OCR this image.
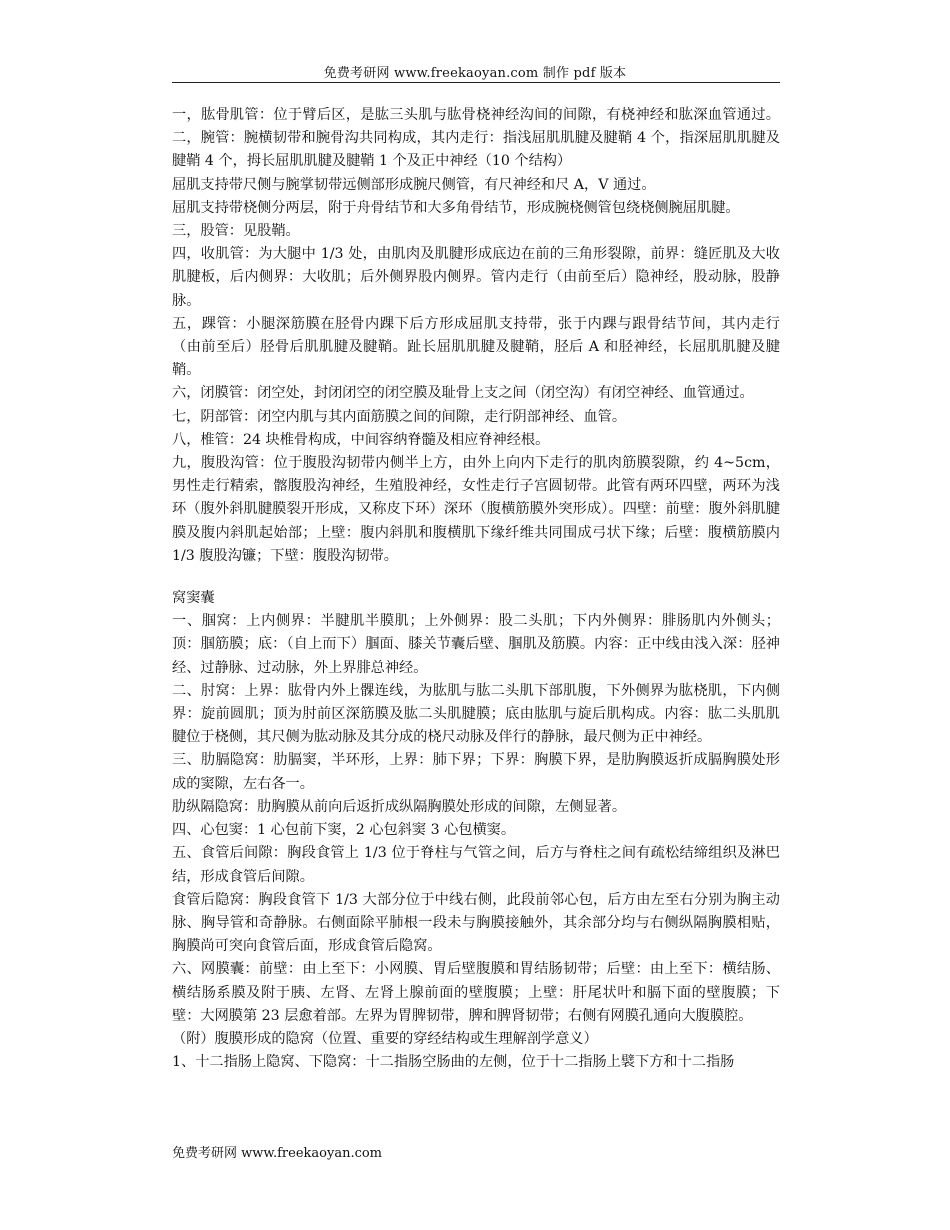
免费考研网 www.freekaoyan.com 制作 pdf 版本

一，肱骨肌管：位于臂后区，是肱三头肌与肱骨桡神经沟间的间隙，有桡神经和肱深血管通过。二，腕管：腕横韧带和腕骨沟共同构成，其内走行：指浅屈肌肌腱及腱鞘 4 个，指深屈肌肌腱及腱鞘 4 个，拇长屈肌肌腱及腱鞘 1 个及正中神经（10 个结构）

屈肌支持带尺侧与腕掌韧带远侧部形成腕尺侧管，有尺神经和尺 A，V 通过。

屈肌支持带桡侧分两层，附于舟骨结节和大多角骨结节，形成腕桡侧管包绕桡侧腕屈肌腱。

三，股管：见股鞘。

四，收肌管：为大腿中 1/3 处，由肌肉及肌腱形成底边在前的三角形裂隙，前界：缝匠肌及大收肌腱板，后内侧界：大收肌；后外侧界股内侧界。管内走行（由前至后）隐神经，股动脉，股静脉。

五，踝管：小腿深筋膜在胫骨内踝下后方形成屈肌支持带，张于内踝与跟骨结节间，其内走行（由前至后）胫骨后肌肌腱及腱鞘。趾长屈肌肌腱及腱鞘，胫后 A 和胫神经，长屈肌肌腱及腱鞘。

六，闭膜管：闭空处，封闭闭空的闭空膜及耻骨上支之间（闭空沟）有闭空神经、血管通过。

七，阴部管：闭空内肌与其内面筋膜之间的间隙，走行阴部神经、血管。

八，椎管：24 块椎骨构成，中间容纳脊髓及相应脊神经根。

九，腹股沟管：位于腹股沟韧带内侧半上方，由外上向内下走行的肌肉筋膜裂隙，约 4~5cm，男性走行精索，髂腹股沟神经，生殖股神经，女性走行子宫圆韧带。此管有两环四壁，两环为浅环（腹外斜肌腱膜裂开形成，又称皮下环）深环（腹横筋膜外突形成）。四壁：前壁：腹外斜肌腱膜及腹内斜肌起始部；上壁：腹内斜肌和腹横肌下缘纤维共同围成弓状下缘；后壁：腹横筋膜内 1/3 腹股沟镰；下壁：腹股沟韧带。

窝窦囊

一、腘窝：上内侧界：半腱肌半膜肌；上外侧界：股二头肌；下内外侧界：腓肠肌内外侧头；顶：腘筋膜；底：（自上而下）腘面、膝关节囊后壁、腘肌及筋膜。内容：正中线由浅入深：胫神经、过静脉、过动脉，外上界腓总神经。

二、肘窝：上界：肱骨内外上髁连线，为肱肌与肱二头肌下部肌腹，下外侧界为肱桡肌，下内侧界：旋前圆肌；顶为肘前区深筋膜及肱二头肌腱膜；底由肱肌与旋后肌构成。内容：肱二头肌肌腱位于桡侧，其尺侧为肱动脉及其分成的桡尺动脉及伴行的静脉，最尺侧为正中神经。

三、肋膈隐窝：肋膈窦，半环形，上界：肺下界；下界：胸膜下界，是肋胸膜返折成膈胸膜处形成的窦隙，左右各一。

肋纵隔隐窝：肋胸膜从前向后返折成纵隔胸膜处形成的间隙，左侧显著。

四、心包窦：1 心包前下窦，2 心包斜窦 3 心包横窦。

五、食管后间隙：胸段食管上 1/3 位于脊柱与气管之间，后方与脊柱之间有疏松结缔组织及淋巴结，形成食管后间隙。

食管后隐窝：胸段食管下 1/3 大部分位于中线右侧，此段前邻心包，后方由左至右分别为胸主动脉、胸导管和奇静脉。右侧面除平肺根一段未与胸膜接触外，其余部分均与右侧纵隔胸膜相贴，胸膜尚可突向食管后面，形成食管后隐窝。

六、网膜囊：前壁：由上至下：小网膜、胃后壁腹膜和胃结肠韧带；后壁：由上至下：横结肠、横结肠系膜及附于胰、左肾、左肾上腺前面的壁腹膜；上壁：肝尾状叶和膈下面的壁腹膜；下壁：大网膜第 23 层愈着部。左界为胃脾韧带，脾和脾肾韧带；右侧有网膜孔通向大腹膜腔。

（附）腹膜形成的隐窝（位置、重要的穿经结构或生理解剖学意义）

1、十二指肠上隐窝、下隐窝：十二指肠空肠曲的左侧，位于十二指肠上襞下方和十二指肠

免费考研网 www.freekaoyan.com
